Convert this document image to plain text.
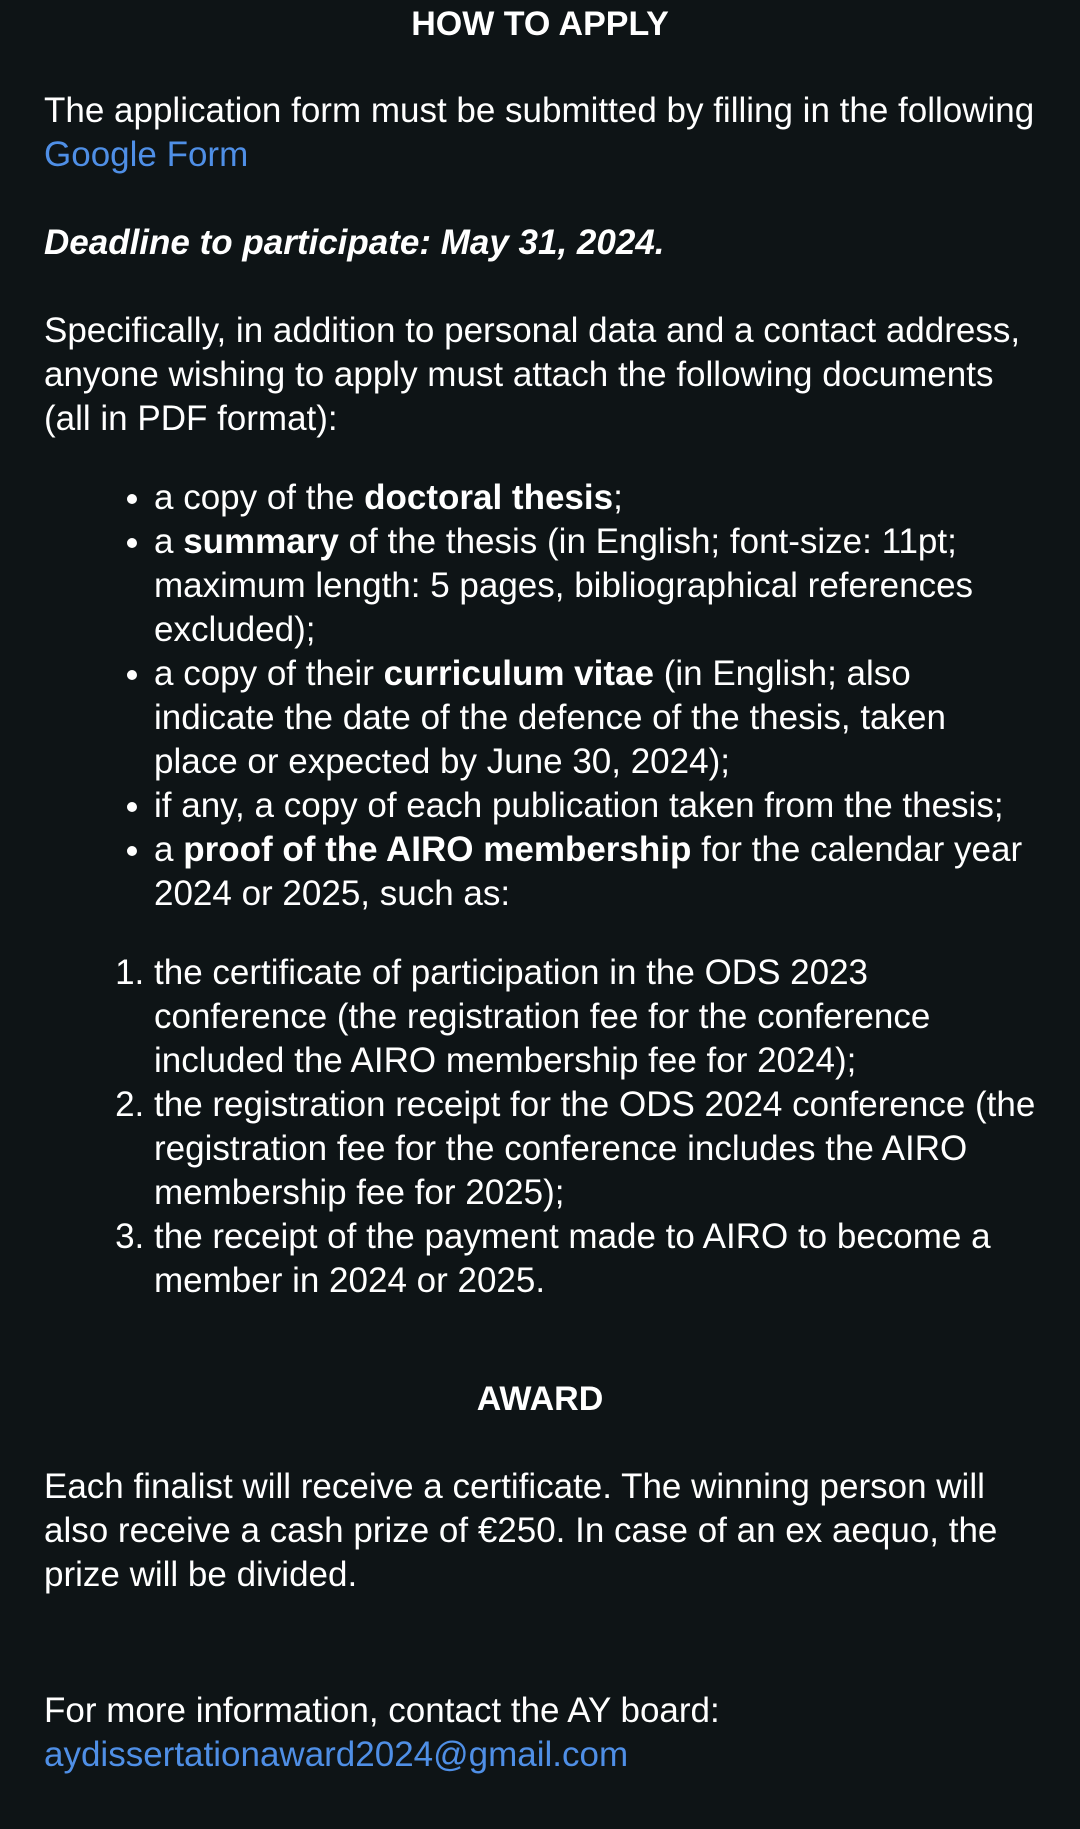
HOW TO APPLY

The application form must be submitted by filling in the following Google Form

Deadline to participate: May 31, 2024.

Specifically, in addition to personal data and a contact address, anyone wishing to apply must attach the following documents (all in PDF format):

• a copy of the doctoral thesis;
• a summary of the thesis (in English; font-size: 11pt; maximum length: 5 pages, bibliographical references excluded);
• a copy of their curriculum vitae (in English; also indicate the date of the defence of the thesis, taken place or expected by June 30, 2024);
• if any, a copy of each publication taken from the thesis;
• a proof of the AIRO membership for the calendar year 2024 or 2025, such as:
1. the certificate of participation in the ODS 2023 conference (the registration fee for the conference included the AIRO membership fee for 2024);
2. the registration receipt for the ODS 2024 conference (the registration fee for the conference includes the AIRO membership fee for 2025);
3. the receipt of the payment made to AIRO to become a member in 2024 or 2025.
AWARD

Each finalist will receive a certificate. The winning person will also receive a cash prize of €250. In case of an ex aequo, the prize will be divided.

For more information, contact the AY board: aydissertationaward2024@gmail.com
